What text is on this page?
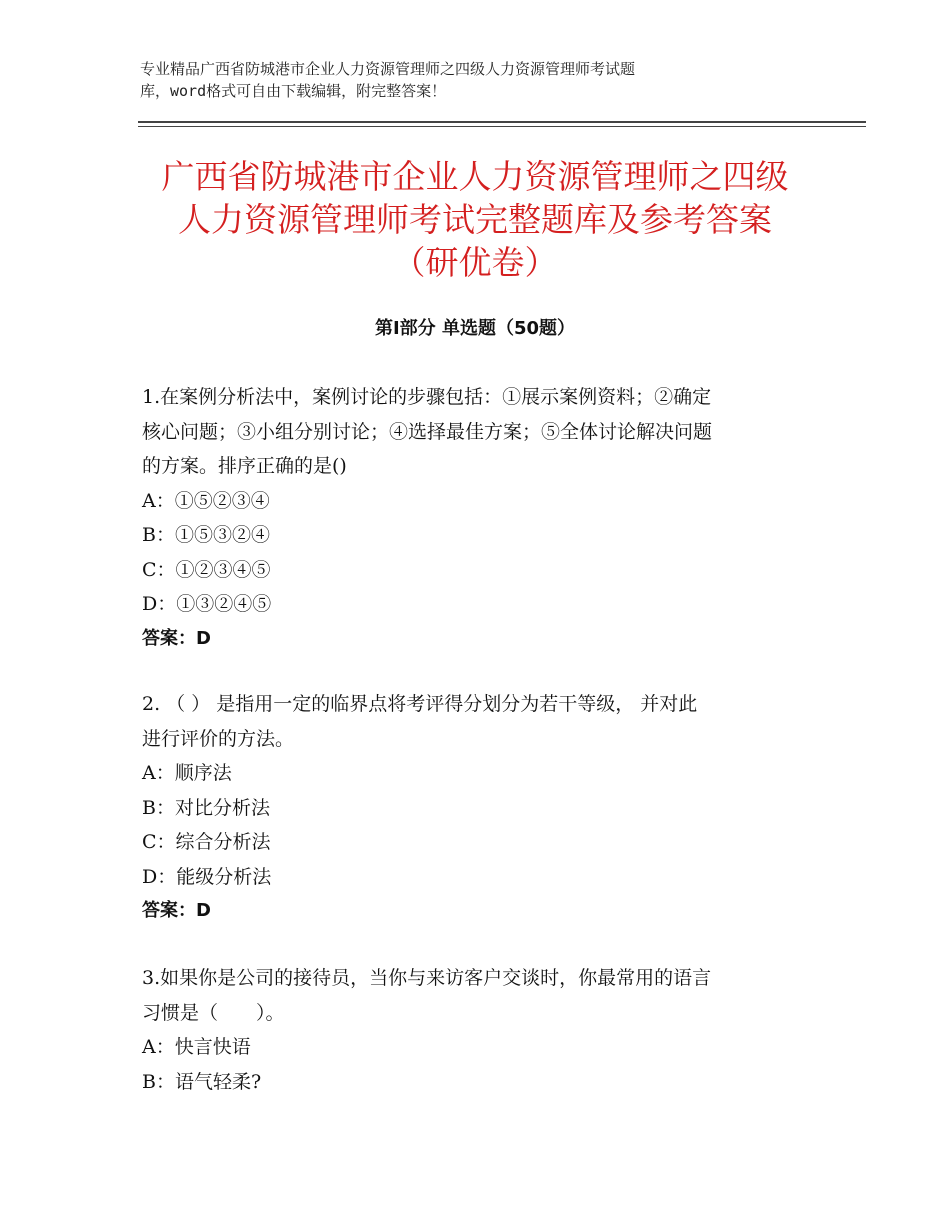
专业精品广西省防城港市企业人力资源管理师之四级人力资源管理师考试题
库，word格式可自由下载编辑，附完整答案！
广西省防城港市企业人力资源管理师之四级
人力资源管理师考试完整题库及参考答案
（研优卷）
第Ⅰ部分 单选题（50题）
1.在案例分析法中，案例讨论的步骤包括：①展示案例资料；②确定
核心问题；③小组分别讨论；④选择最佳方案；⑤全体讨论解决问题
的方案。排序正确的是()
A：①⑤②③④
B：①⑤③②④
C：①②③④⑤
D：①③②④⑤
答案：D
2. （ ） 是指用一定的临界点将考评得分划分为若干等级， 并对此
进行评价的方法。
A：顺序法
B：对比分析法
C：综合分析法
D：能级分析法
答案：D
3.如果你是公司的接待员，当你与来访客户交谈时，你最常用的语言
习惯是（　　）。
A：快言快语
B：语气轻柔?
